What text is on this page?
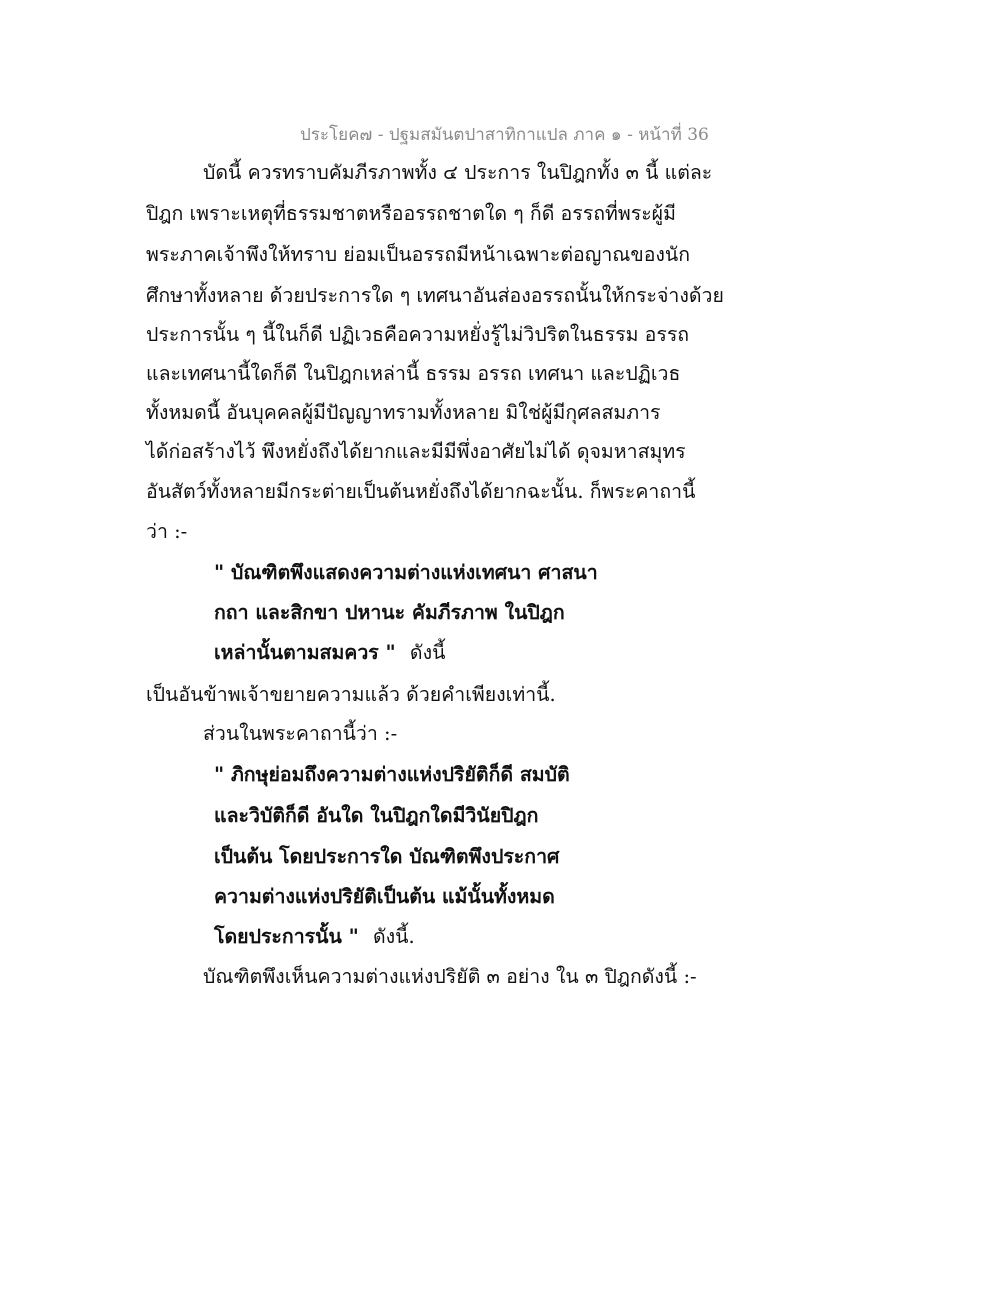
ประโยค๗ - ปฐมสมันตปาสาทิกาแปล ภาค ๑ - หน้าที่ 36
บัดนี้ ควรทราบคัมภีรภาพทั้ง ๔ ประการ ในปิฎกทั้ง ๓ นี้ แต่ละ
ปิฎก เพราะเหตุที่ธรรมชาตหรืออรรถชาตใด ๆ ก็ดี อรรถที่พระผู้มี
พระภาคเจ้าพึงให้ทราบ ย่อมเป็นอรรถมีหน้าเฉพาะต่อญาณของนัก
ศึกษาทั้งหลาย ด้วยประการใด ๆ เทศนาอันส่องอรรถนั้นให้กระจ่างด้วย
ประการนั้น ๆ นี้ในก็ดี ปฏิเวธคือความหยั่งรู้ไม่วิปริตในธรรม อรรถ
และเทศนานี้ใดก็ดี ในปิฎกเหล่านี้ ธรรม อรรถ เทศนา และปฏิเวธ
ทั้งหมดนี้ อันบุคคลผู้มีปัญญาทรามทั้งหลาย มิใช่ผู้มีกุศลสมภาร
ได้ก่อสร้างไว้ พึงหยั่งถึงได้ยากและมีมีพึ่งอาศัยไม่ได้ ดุจมหาสมุทร
อันสัตว์ทั้งหลายมีกระต่ายเป็นต้นหยั่งถึงได้ยากฉะนั้น. ก็พระคาถานี้
ว่า :-
" บัณฑิตพึงแสดงความต่างแห่งเทศนา ศาสนา
กถา และสิกขา ปหานะ คัมภีรภาพ ในปิฎก
เหล่านั้นตามสมควร " ดังนี้
เป็นอันข้าพเจ้าขยายความแล้ว ด้วยคำเพียงเท่านี้.
ส่วนในพระคาถานี้ว่า :-
" ภิกษุย่อมถึงความต่างแห่งปริยัติก็ดี สมบัติ
และวิบัติก็ดี อันใด ในปิฎกใดมีวินัยปิฎก
เป็นต้น โดยประการใด บัณฑิตพึงประกาศ
ความต่างแห่งปริยัติเป็นต้น แม้นั้นทั้งหมด
โดยประการนั้น " ดังนี้.
บัณฑิตพึงเห็นความต่างแห่งปริยัติ ๓ อย่าง ใน ๓ ปิฎกดังนี้ :-
